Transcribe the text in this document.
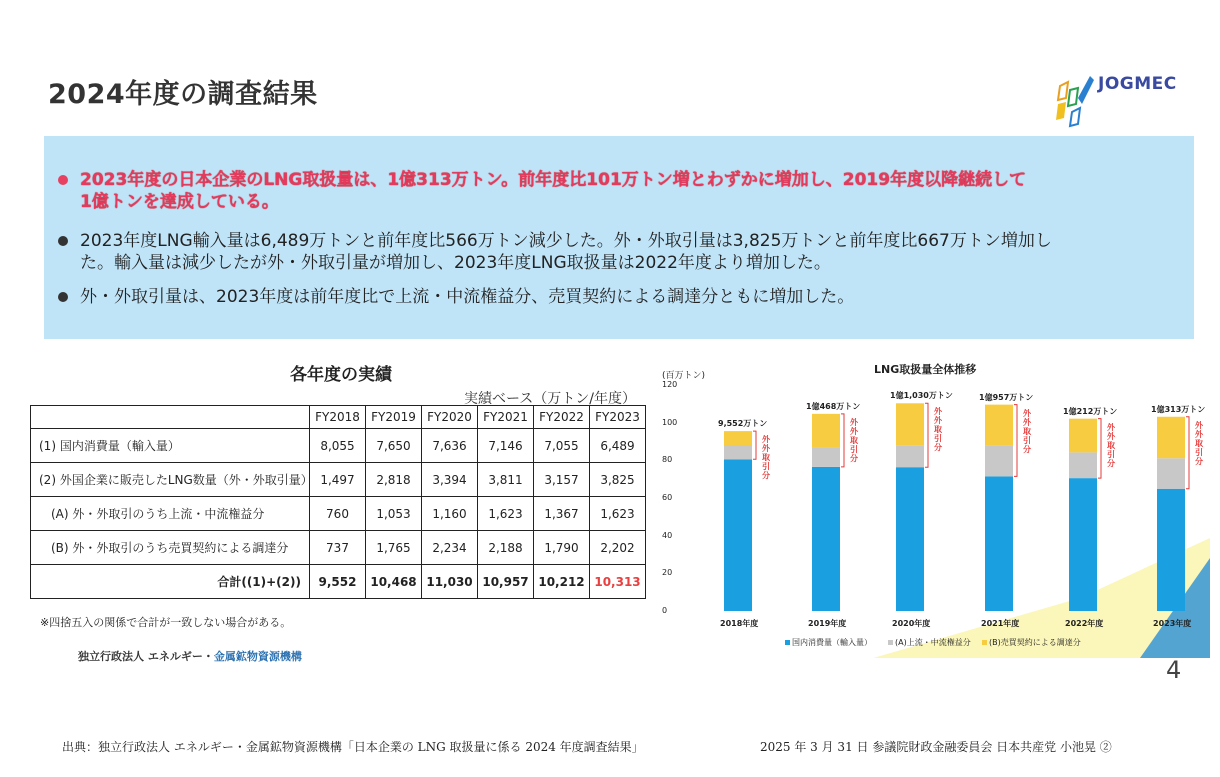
2024年度の調査結果	JOGMEC
2023年度の日本企業のLNG取扱量は、1億313万トン。前年度比101万トン増とわずかに増加し、2019年度以降継続して
1億トンを達成している。
2023年度LNG輸入量は6,489万トンと前年度比566万トン減少した。外・外取引量は3,825万トンと前年度比667万トン増加し
た。輸入量は減少したが外・外取引量が増加し、2023年度LNG取扱量は2022年度より増加した。
外・外取引量は、2023年度は前年度比で上流・中流権益分、売買契約による調達分ともに増加した。
各年度の実績
実績ベース（万トン/年度）
	FY2018	FY2019	FY2020	FY2021	FY2022	FY2023
(1) 国内消費量（輸入量）	8,055	7,650	7,636	7,146	7,055	6,489
(2) 外国企業に販売したLNG数量（外・外取引量）	1,497	2,818	3,394	3,811	3,157	3,825
(A) 外・外取引のうち上流・中流権益分	760	1,053	1,160	1,623	1,367	1,623
(B) 外・外取引のうち売買契約による調達分	737	1,765	2,234	2,188	1,790	2,202
合計((1)+(2))	9,552	10,468	11,030	10,957	10,212	10,313
※四捨五入の関係で合計が一致しない場合がある。
独立行政法人 エネルギー・金属鉱物資源機構
LNG取扱量全体推移
(百万トン)
0
20
40
60
80
100
120
9,552万トン
外外取引分
2018年度
1億468万トン
外外取引分
2019年度
1億1,030万トン
外外取引分
2020年度
1億957万トン
外外取引分
2021年度
1億212万トン
外外取引分
2022年度
1億313万トン
外外取引分
2023年度
国内消費量（輸入量）	(A)上流・中流権益分	(B)売買契約による調達分
4
出典：独立行政法人 エネルギー・金属鉱物資源機構「日本企業の LNG 取扱量に係る 2024 年度調査結果」	2025 年 3 月 31 日 参議院財政金融委員会 日本共産党 小池晃 ②
